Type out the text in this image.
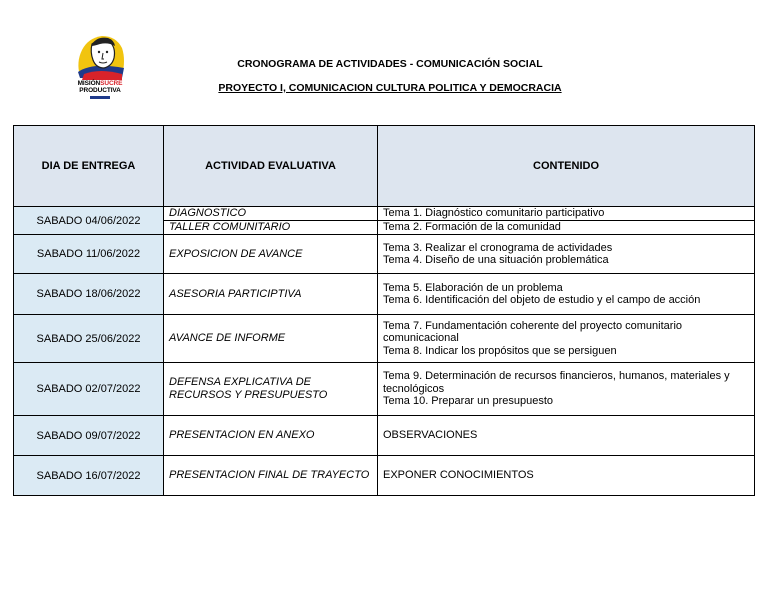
MISIÓNSUCRE
PRODUCTIVA
CRONOGRAMA DE ACTIVIDADES - COMUNICACIÓN SOCIAL
PROYECTO I, COMUNICACION CULTURA POLITICA Y DEMOCRACIA
DIA DE ENTREGA	ACTIVIDAD EVALUATIVA	CONTENIDO
SABADO 04/06/2022	DIAGNOSTICO	Tema 1. Diagnóstico comunitario participativo
	TALLER COMUNITARIO	Tema 2. Formación de la comunidad
SABADO 11/06/2022	EXPOSICION DE AVANCE	Tema 3. Realizar el cronograma de actividades
Tema 4. Diseño de una situación problemática

SABADO 18/06/2022	ASESORIA PARTICIPTIVA	Tema 5. Elaboración de un problema
Tema 6. Identificación del objeto de estudio y el campo de acción

SABADO 25/06/2022	AVANCE DE INFORME	Tema 7. Fundamentación coherente del proyecto comunitario comunicacional
Tema 8. Indicar los propósitos que se persiguen

SABADO 02/07/2022	DEFENSA EXPLICATIVA DE RECURSOS Y PRESUPUESTO	Tema 9. Determinación de recursos financieros, humanos, materiales y tecnológicos
Tema 10. Preparar un presupuesto

SABADO 09/07/2022	PRESENTACION EN ANEXO	OBSERVACIONES
SABADO 16/07/2022	PRESENTACION FINAL DE TRAYECTO	EXPONER CONOCIMIENTOS
